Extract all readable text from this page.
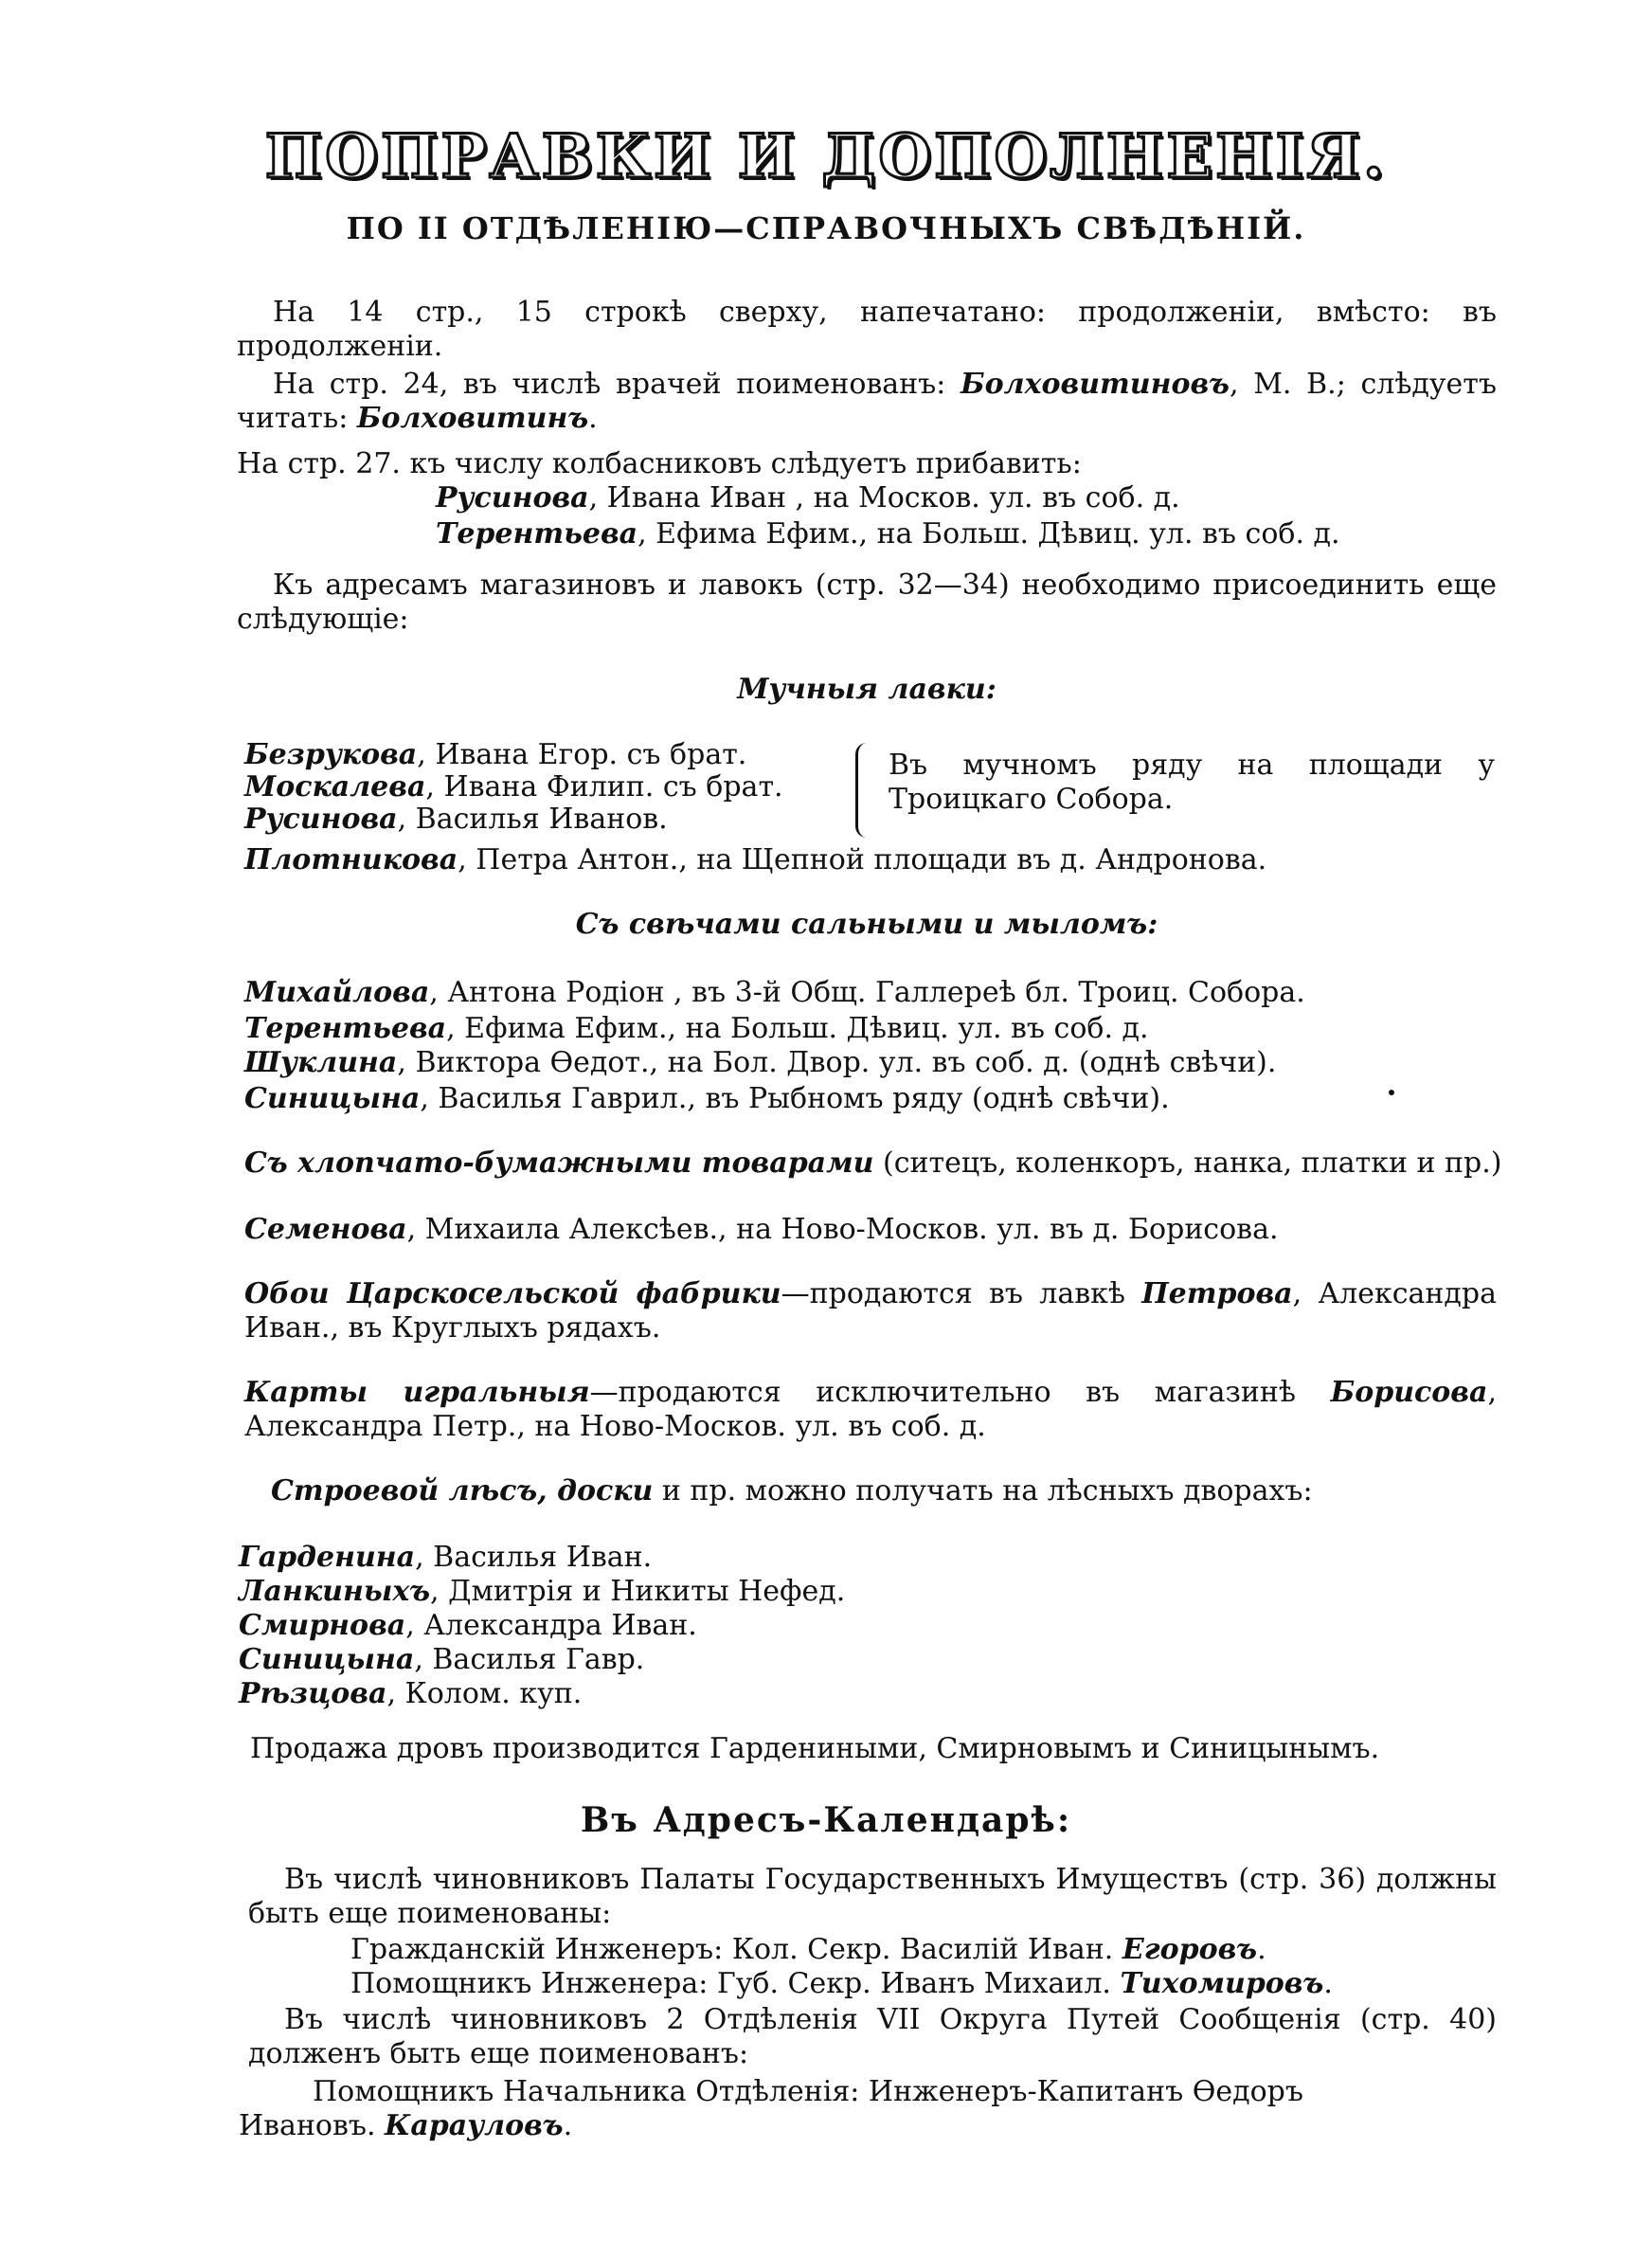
ПОПРАВКИ И ДОПОЛНЕНІЯ.
ПО II ОТДѢЛЕНІЮ—СПРАВОЧНЫХЪ СВѢДѢНІЙ.

На 14 стр., 15 строкѣ сверху, напечатано: продолженіи, вмѣсто: въ продолженіи.

На стр. 24, въ числѣ врачей поименованъ: Болховитиновъ, М. В.; слѣдуетъ читать: Болховитинъ.

На стр. 27. къ числу колбасниковъ слѣдуетъ прибавить:

Русинова, Ивана Иван , на Москов. ул. въ соб. д.

Терентьева, Ефима Ефим., на Больш. Дѣвиц. ул. въ соб. д.

Къ адресамъ магазиновъ и лавокъ (стр. 32—34) необходимо присоединить еще слѣдующіе:

Мучныя лавки:

Безрукова, Ивана Егор. съ брат.
Москалева, Ивана Филип. съ брат.
Русинова, Василья Иванов.
Въ мучномъ ряду на площади у Троицкаго Собора.

Плотникова, Петра Антон., на Щепной площади въ д. Андронова.

Съ свѣчами сальными и мыломъ:

Михайлова, Антона Родіон , въ 3-й Общ. Галлереѣ бл. Троиц. Собора.

Терентьева, Ефима Ефим., на Больш. Дѣвиц. ул. въ соб. д.

Шуклина, Виктора Ѳедот., на Бол. Двор. ул. въ соб. д. (однѣ свѣчи).

Синицына, Василья Гаврил., въ Рыбномъ ряду (однѣ свѣчи).

Съ хлопчато-бумажными товарами (ситецъ, коленкоръ, нанка, платки и пр.)

Семенова, Михаила Алексѣев., на Ново-Москов. ул. въ д. Борисова.

Обои Царскосельской фабрики—продаются въ лавкѣ Петрова, Александра Иван., въ Круглыхъ рядахъ.

Карты игральныя—продаются исключительно въ магазинѣ Борисова, Александра Петр., на Ново-Москов. ул. въ соб. д.

Строевой лѣсъ, доски и пр. можно получать на лѣсныхъ дворахъ:

Гарденина, Василья Иван.

Ланкиныхъ, Дмитрія и Никиты Нефед.

Смирнова, Александра Иван.

Синицына, Василья Гавр.

Рѣзцова, Колом. куп.

Продажа дровъ производится Гардениными, Смирновымъ и Синицынымъ.

Въ Адресъ-Календарѣ:

Въ числѣ чиновниковъ Палаты Государственныхъ Имуществъ (стр. 36) должны быть еще поименованы:

Гражданскій Инженеръ: Кол. Секр. Василій Иван. Егоровъ.

Помощникъ Инженера: Губ. Секр. Иванъ Михаил. Тихомировъ.

Въ числѣ чиновниковъ 2 Отдѣленія VII Округа Путей Сообщенія (стр. 40) долженъ быть еще поименованъ:

Помощникъ Начальника Отдѣленія: Инженеръ-Капитанъ Ѳедоръ

Ивановъ. Карауловъ.
